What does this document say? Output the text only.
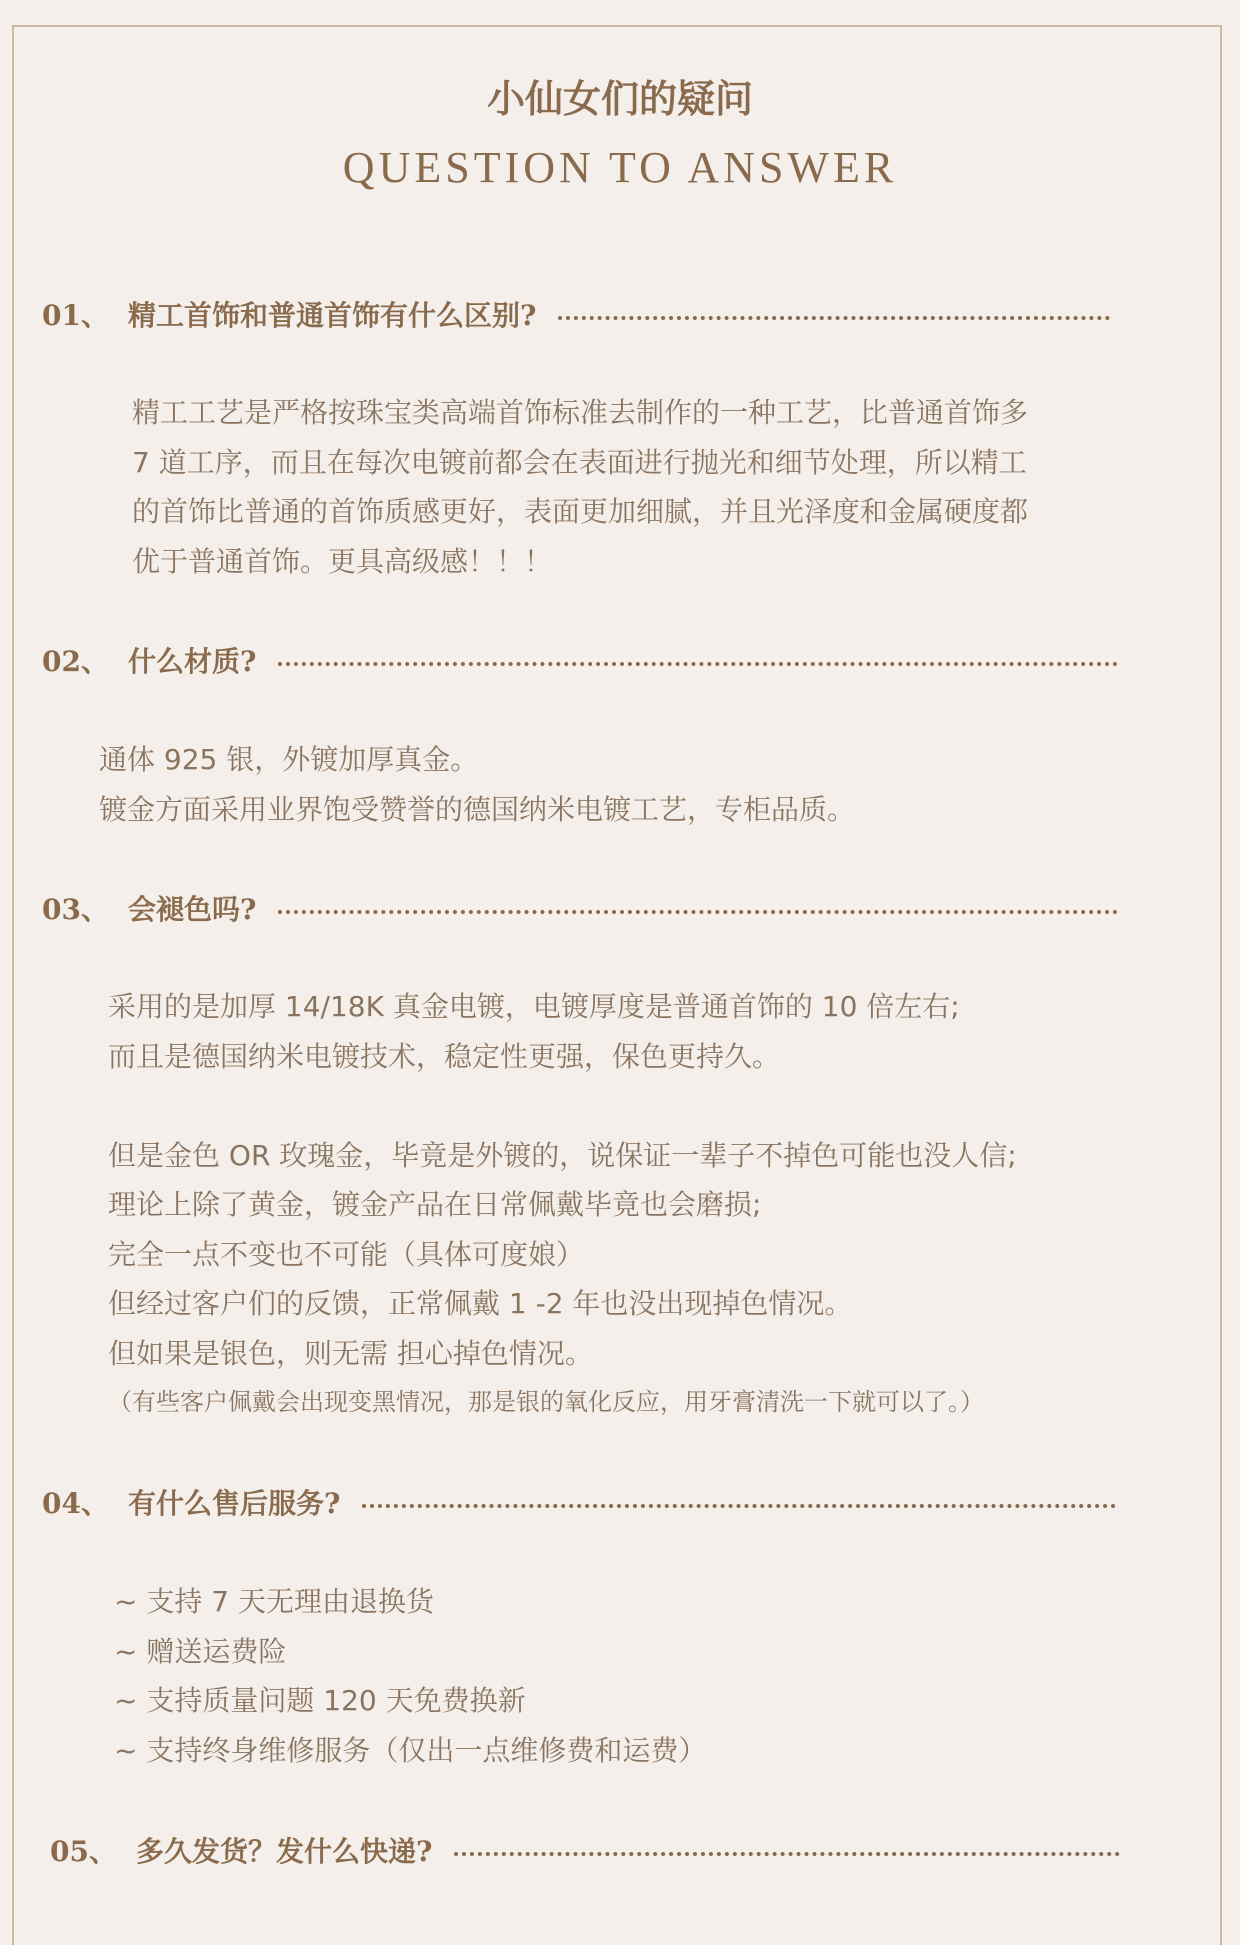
小仙女们的疑问
QUESTION TO ANSWER
01、 精工首饰和普通首饰有什么区别?
精工工艺是严格按珠宝类高端首饰标准去制作的一种工艺，比普通首饰多
7 道工序，而且在每次电镀前都会在表面进行抛光和细节处理，所以精工
的首饰比普通的首饰质感更好，表面更加细腻，并且光泽度和金属硬度都
优于普通首饰。更具高级感！！！
02、 什么材质?
通体 925 银，外镀加厚真金。
镀金方面采用业界饱受赞誉的德国纳米电镀工艺，专柜品质。
03、 会褪色吗?
采用的是加厚 14/18K 真金电镀，电镀厚度是普通首饰的 10 倍左右;
而且是德国纳米电镀技术，稳定性更强，保色更持久。
但是金色 OR 玫瑰金，毕竟是外镀的，说保证一辈子不掉色可能也没人信;
理论上除了黄金，镀金产品在日常佩戴毕竟也会磨损;
完全一点不变也不可能（具体可度娘）
但经过客户们的反馈，正常佩戴 1 -2 年也没出现掉色情况。
但如果是银色，则无需 担心掉色情况。
（有些客户佩戴会出现变黑情况，那是银的氧化反应，用牙膏清洗一下就可以了。）
04、 有什么售后服务?
~ 支持 7 天无理由退换货
~ 赠送运费险
~ 支持质量问题 120 天免费换新
~ 支持终身维修服务（仅出一点维修费和运费）
05、 多久发货？发什么快递?
